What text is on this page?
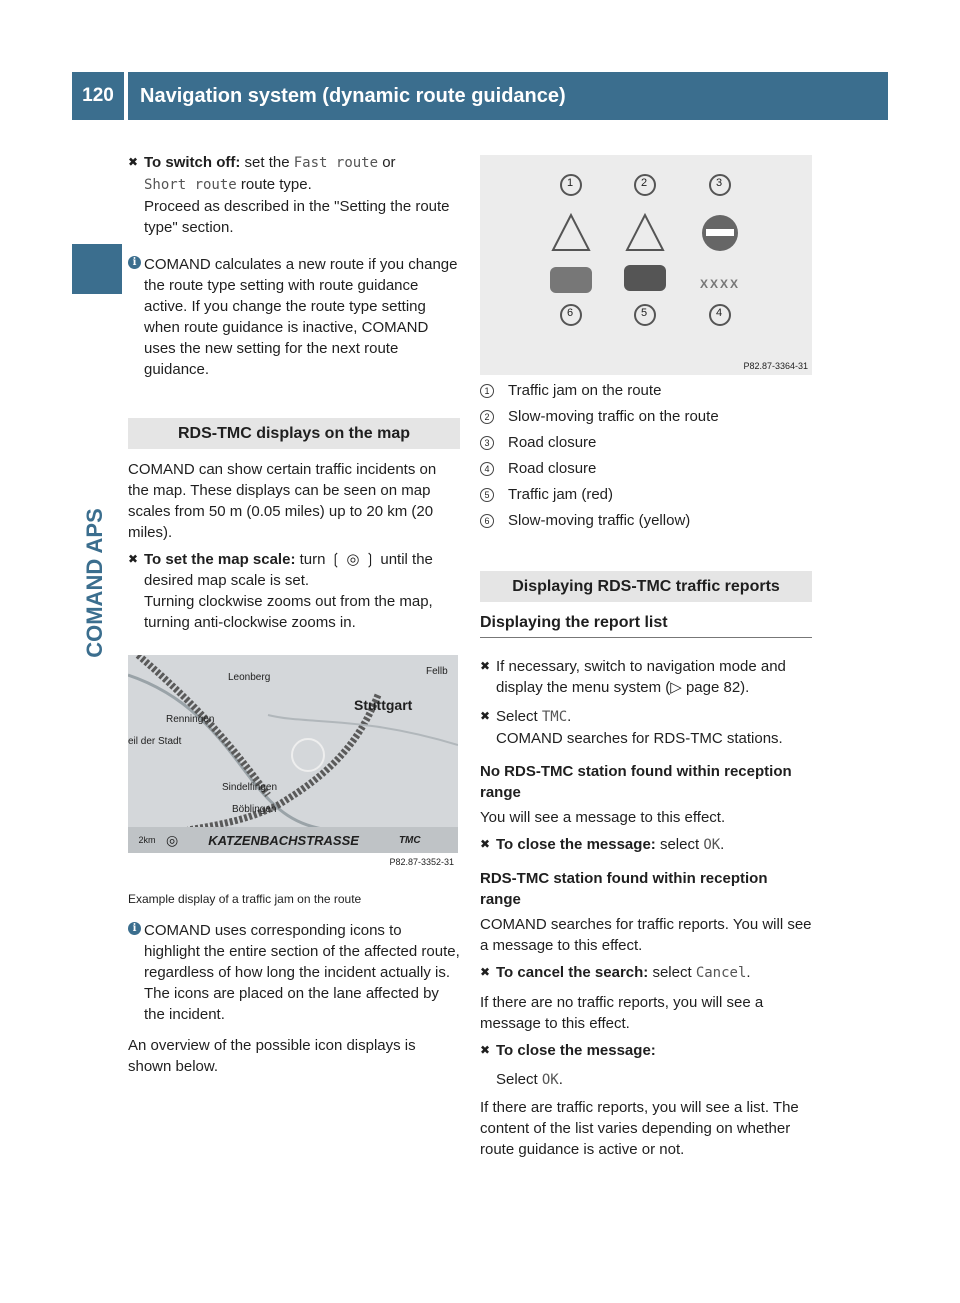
120	Navigation system (dynamic route guidance)
COMAND APS
✖ To switch off: set the Fast route or
Short route route type.
Proceed as described in the "Setting the route type" section.
i COMAND calculates a new route if you change the route type setting with route guidance active. If you change the route type setting when route guidance is inactive, COMAND uses the new setting for the next route guidance.
RDS-TMC displays on the map

COMAND can show certain traffic incidents on the map. These displays can be seen on map scales from 50 m (0.05 miles) up to 20 km (20 miles).

✖ To set the map scale: turn ❲ ◎ ❳ until the desired map scale is set.
Turning clockwise zooms out from the map, turning anti-clockwise zooms in.
Leonberg
Fellb
Renningen
Stuttgart
eil der Stadt
Sindelfingen
Böblingen
2km ◎ KATZENBACHSTRASSE	TMC
P82.87-3352-31
Example display of a traffic jam on the route
i COMAND uses corresponding icons to highlight the entire section of the affected route, regardless of how long the incident actually is. The icons are placed on the lane affected by the incident.

An overview of the possible icon displays is shown below.

1	2	3
6	5	4
XXXX
P82.87-3364-31
1	Traffic jam on the route
2	Slow-moving traffic on the route
3	Road closure
4	Road closure
5	Traffic jam (red)
6	Slow-moving traffic (yellow)
Displaying RDS-TMC traffic reports
Displaying the report list
✖ If necessary, switch to navigation mode and display the menu system (▷ page 82).
✖ Select TMC.
COMAND searches for RDS-TMC stations.
No RDS-TMC station found within reception range

You will see a message to this effect.

✖ To close the message: select OK.
RDS-TMC station found within reception range

COMAND searches for traffic reports. You will see a message to this effect.

✖ To cancel the search: select Cancel.

If there are no traffic reports, you will see a message to this effect.

✖ To close the message:

Select OK.

If there are traffic reports, you will see a list. The content of the list varies depending on whether route guidance is active or not.
